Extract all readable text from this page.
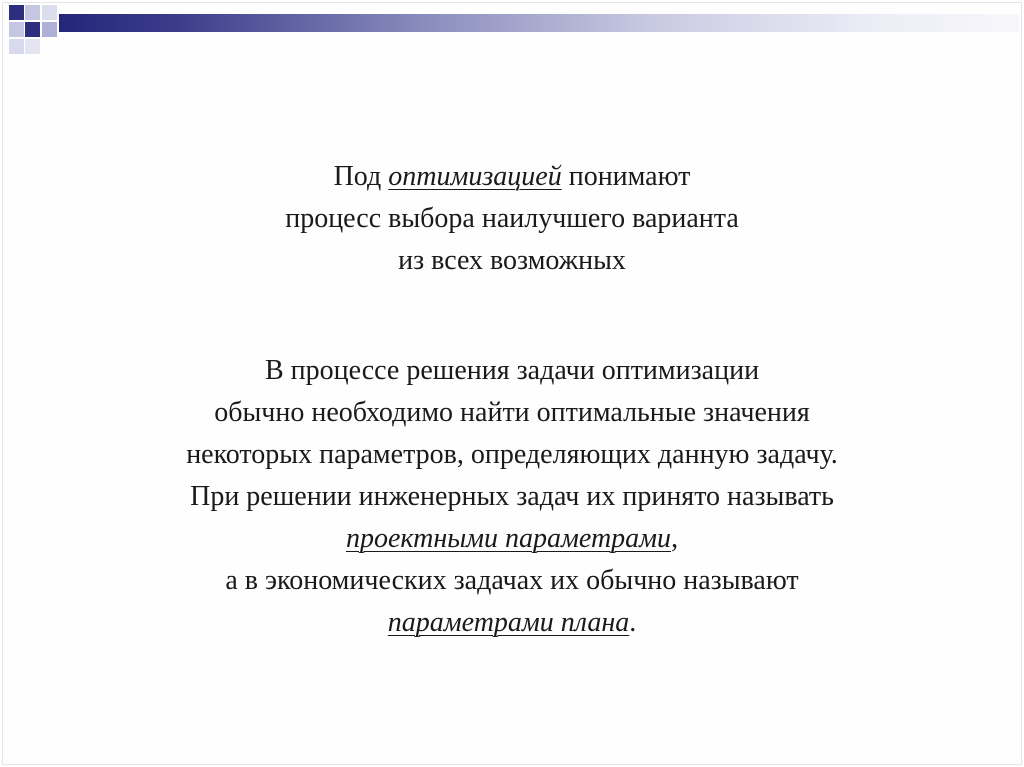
Под оптимизацией понимают
процесс выбора наилучшего варианта
из всех возможных
В процессе решения задачи оптимизации
обычно необходимо найти оптимальные значения
некоторых параметров, определяющих данную задачу.
При решении инженерных задач их принято называть
проектными параметрами,
а в экономических задачах их обычно называют
параметрами плана.
